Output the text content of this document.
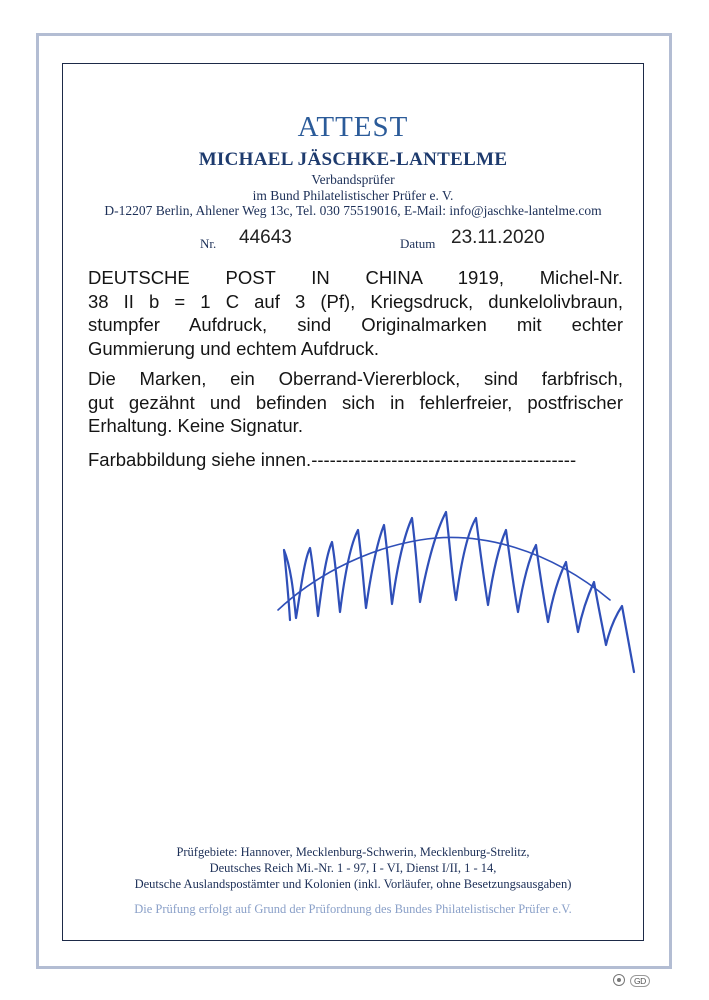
ATTEST
MICHAEL JÄSCHKE-LANTELME
Verbandsprüfer
im Bund Philatelistischer Prüfer e. V.
D-12207 Berlin, Ahlener Weg 13c, Tel. 030 75519016, E-Mail: info@jaschke-lantelme.com
Nr. 44643	Datum 23.11.2020
DEUTSCHE POST IN CHINA 1919, Michel-Nr.
38 II b = 1 C auf 3 (Pf), Kriegsdruck, dunkelolivbraun,
stumpfer Aufdruck, sind Originalmarken mit echter
Gummierung und echtem Aufdruck.
Die Marken, ein Oberrand-Viererblock, sind farbfrisch,
gut gezähnt und befinden sich in fehlerfreier, postfrischer
Erhaltung. Keine Signatur.
Farbabbildung siehe innen.-------------------------------------------
Prüfgebiete: Hannover, Mecklenburg-Schwerin, Mecklenburg-Strelitz,
Deutsches Reich Mi.-Nr. 1 - 97, I - VI, Dienst I/II, 1 - 14,
Deutsche Auslandspostämter und Kolonien (inkl. Vorläufer, ohne Besetzungsausgaben)
Die Prüfung erfolgt auf Grund der Prüfordnung des Bundes Philatelistischer Prüfer e.V.
GD
